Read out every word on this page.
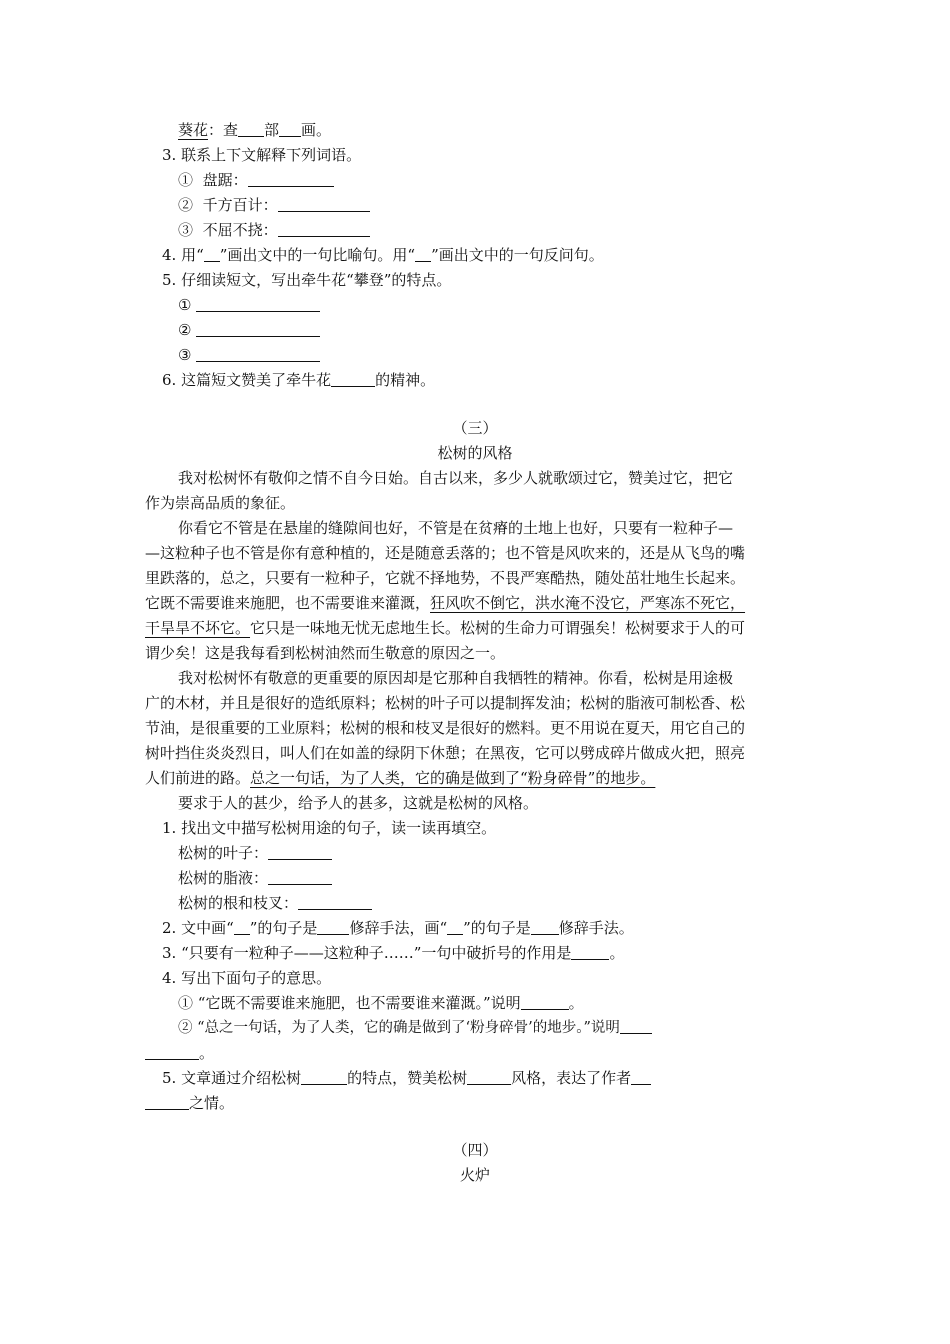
葵花：查 部 画。
3. 联系上下文解释下列词语。
① 盘踞：
② 千方百计：
③ 不屈不挠：
4. 用“ ”画出文中的一句比喻句。用“ ”画出文中的一句反问句。
5. 仔细读短文，写出牵牛花“攀登”的特点。
①
②
③
6. 这篇短文赞美了牵牛花	的精神。
（三）
松树的风格
我对松树怀有敬仰之情不自今日始。自古以来，多少人就歌颂过它，赞美过它，把它
作为崇高品质的象征。
你看它不管是在悬崖的缝隙间也好，不管是在贫瘠的土地上也好，只要有一粒种子—
—这粒种子也不管是你有意种植的，还是随意丢落的；也不管是风吹来的，还是从飞鸟的嘴
里跌落的，总之，只要有一粒种子，它就不择地势，不畏严寒酷热，随处茁壮地生长起来。
它既不需要谁来施肥，也不需要谁来灌溉，狂风吹不倒它，洪水淹不没它，严寒冻不死它，
干旱旱不坏它。它只是一味地无忧无虑地生长。松树的生命力可谓强矣！松树要求于人的可
谓少矣！这是我每看到松树油然而生敬意的原因之一。
我对松树怀有敬意的更重要的原因却是它那种自我牺牲的精神。你看，松树是用途极
广的木材，并且是很好的造纸原料；松树的叶子可以提制挥发油；松树的脂液可制松香、松
节油，是很重要的工业原料；松树的根和枝叉是很好的燃料。更不用说在夏天，用它自己的
树叶挡住炎炎烈日，叫人们在如盖的绿阴下休憩；在黑夜，它可以劈成碎片做成火把，照亮
人们前进的路。总之一句话，为了人类，它的确是做到了“粉身碎骨”的地步。
要求于人的甚少，给予人的甚多，这就是松树的风格。
1. 找出文中描写松树用途的句子，读一读再填空。
松树的叶子：
松树的脂液：
松树的根和枝叉：
2. 文中画“ ”的句子是 修辞手法，画“ ”的句子是 修辞手法。
3. “只要有一粒种子——这粒种子……”一句中破折号的作用是	。
4. 写出下面句子的意思。
① “它既不需要谁来施肥，也不需要谁来灌溉。”说明	。
② “总之一句话，为了人类，它的确是做到了‘粉身碎骨’的地步。”说明
。
5. 文章通过介绍松树	的特点，赞美松树	风格，表达了作者
之情。
（四）
火炉
